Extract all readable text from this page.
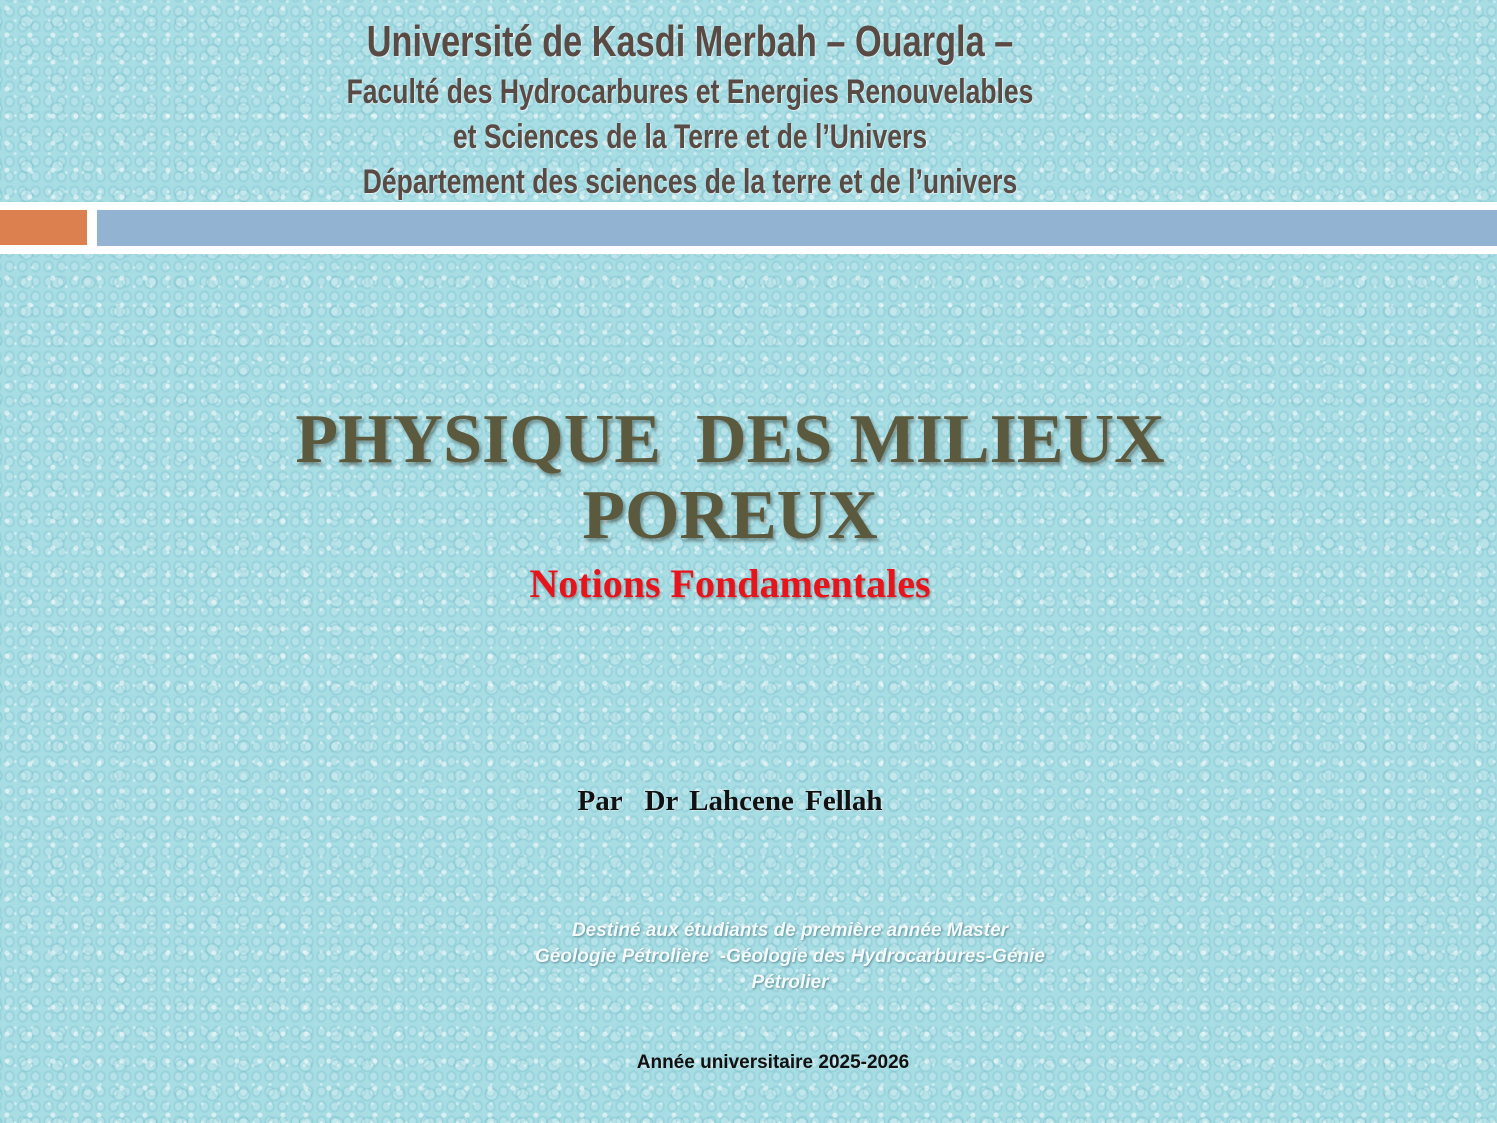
Université de Kasdi Merbah – Ouargla –
Faculté des Hydrocarbures et Energies Renouvelables
et Sciences de la Terre et de l’Univers
Département des sciences de la terre et de l’univers
PHYSIQUE  DES MILIEUX
POREUX
Notions Fondamentales
Par  Dr Lahcene Fellah
Destiné aux étudiants de première année Master
Géologie Pétrolière  -Géologie des Hydrocarbures-Génie
Pétrolier
Année universitaire 2025-2026
